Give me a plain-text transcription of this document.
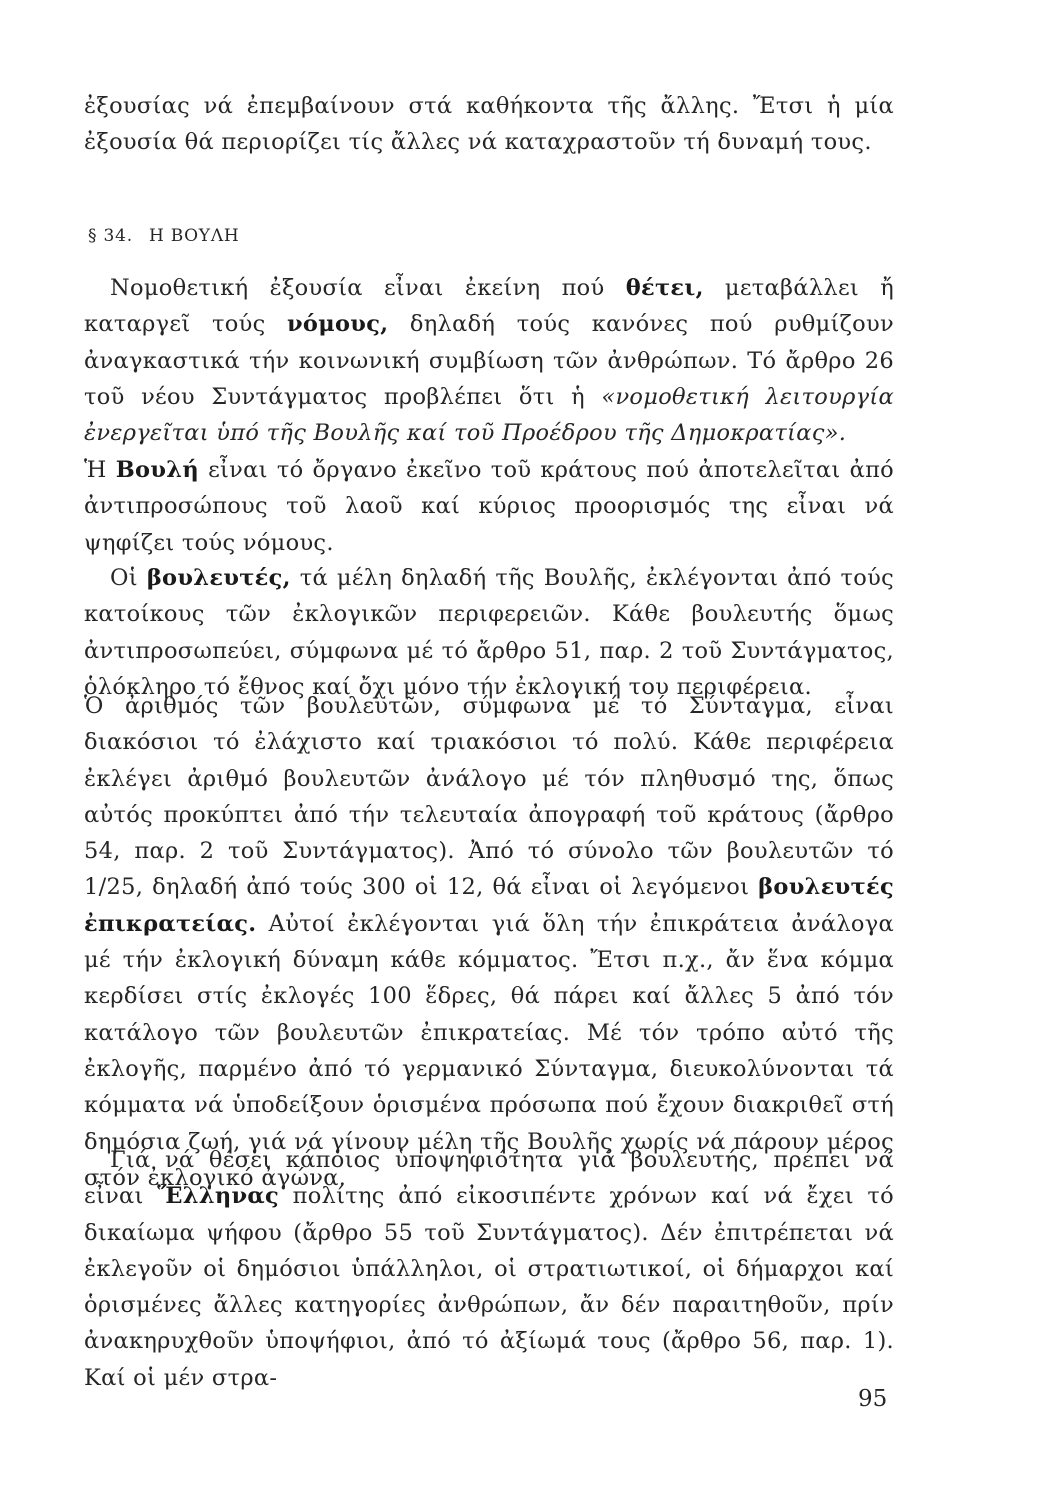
ἐξουσίας νά ἐπεμβαίνουν στά καθήκοντα τῆς ἄλλης. Ἔτσι ἡ μία ἐξουσία θά περιορίζει τίς ἄλλες νά καταχραστοῦν τή δυναμή τους.

§ 34. Η ΒΟΥΛΗ

Νομοθετική ἐξουσία εἶναι ἐκείνη πού θέτει, μεταβάλλει ἤ καταργεῖ τούς νόμους, δηλαδή τούς κανόνες πού ρυθμίζουν ἀναγκαστικά τήν κοινωνική συμβίωση τῶν ἀνθρώπων. Τό ἄρθρο 26 τοῦ νέου Συντάγματος προβλέπει ὅτι ἡ «νομοθετική λειτουργία ἐνεργεῖται ὑπό τῆς Βουλῆς καί τοῦ Προέδρου τῆς Δημοκρατίας».

Ἡ Βουλή εἶναι τό ὄργανο ἐκεῖνο τοῦ κράτους πού ἀποτελεῖται ἀπό ἀντιπροσώπους τοῦ λαοῦ καί κύριος προορισμός της εἶναι νά ψηφίζει τούς νόμους.

Οἱ βουλευτές, τά μέλη δηλαδή τῆς Βουλῆς, ἐκλέγονται ἀπό τούς κατοίκους τῶν ἐκλογικῶν περιφερειῶν. Κάθε βουλευτής ὅμως ἀντιπροσωπεύει, σύμφωνα μέ τό ἄρθρο 51, παρ. 2 τοῦ Συντάγματος, ὁλόκληρο τό ἔθνος καί ὄχι μόνο τήν ἐκλογική του περιφέρεια.

Ὁ ἀριθμός τῶν βουλευτῶν, σύμφωνα μέ τό Σύνταγμα, εἶναι διακόσιοι τό ἐλάχιστο καί τριακόσιοι τό πολύ. Κάθε περιφέρεια ἐκλέγει ἀριθμό βουλευτῶν ἀνάλογο μέ τόν πληθυσμό της, ὅπως αὐτός προκύπτει ἀπό τήν τελευταία ἀπογραφή τοῦ κράτους (ἄρθρο 54, παρ. 2 τοῦ Συντάγματος). Ἀπό τό σύνολο τῶν βουλευτῶν τό 1/25, δηλαδή ἀπό τούς 300 οἱ 12, θά εἶναι οἱ λεγόμενοι βουλευτές ἐπικρατείας. Αὐτοί ἐκλέγονται γιά ὅλη τήν ἐπικράτεια ἀνάλογα μέ τήν ἐκλογική δύναμη κάθε κόμματος. Ἔτσι π.χ., ἄν ἕνα κόμμα κερδίσει στίς ἐκλογές 100 ἕδρες, θά πάρει καί ἄλλες 5 ἀπό τόν κατάλογο τῶν βουλευτῶν ἐπικρατείας. Μέ τόν τρόπο αὐτό τῆς ἐκλογῆς, παρμένο ἀπό τό γερμανικό Σύνταγμα, διευκολύνονται τά κόμματα νά ὑποδείξουν ὁρισμένα πρόσωπα πού ἔχουν διακριθεῖ στή δημόσια ζωή, γιά νά γίνουν μέλη τῆς Βουλῆς χωρίς νά πάρουν μέρος στόν ἐκλογικό ἀγώνα.

Γιά νά θέσει κάποιος ὑποψηφιότητα γιά βουλευτής, πρέπει νά εἶναι Ἕλληνας πολίτης ἀπό εἰκοσιπέντε χρόνων καί νά ἔχει τό δικαίωμα ψήφου (ἄρθρο 55 τοῦ Συντάγματος). Δέν ἐπιτρέπεται νά ἐκλεγοῦν οἱ δημόσιοι ὑπάλληλοι, οἱ στρατιωτικοί, οἱ δήμαρχοι καί ὁρισμένες ἄλλες κατηγορίες ἀνθρώπων, ἄν δέν παραιτηθοῦν, πρίν ἀνακηρυχθοῦν ὑποψήφιοι, ἀπό τό ἀξίωμά τους (ἄρθρο 56, παρ. 1). Καί οἱ μέν στρα-

95
